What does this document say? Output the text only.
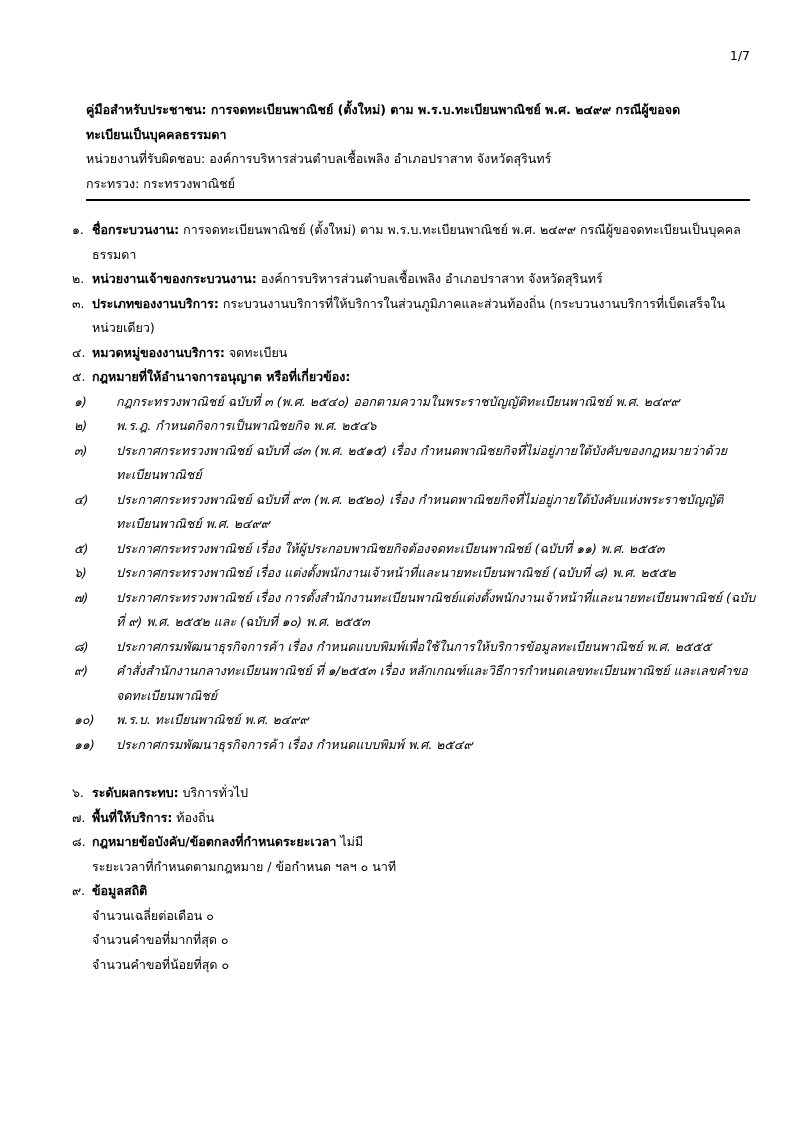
1/7
คู่มือสำหรับประชาชน: การจดทะเบียนพาณิชย์ (ตั้งใหม่) ตาม พ.ร.บ.ทะเบียนพาณิชย์ พ.ศ. ๒๔๙๙ กรณีผู้ขอจด
ทะเบียนเป็นบุคคลธรรมดา
หน่วยงานที่รับผิดชอบ: องค์การบริหารส่วนตำบลเชื้อเพลิง อำเภอปราสาท จังหวัดสุรินทร์
กระทรวง: กระทรวงพาณิชย์
๑. ชื่อกระบวนงาน: การจดทะเบียนพาณิชย์ (ตั้งใหม่) ตาม พ.ร.บ.ทะเบียนพาณิชย์ พ.ศ. ๒๔๙๙ กรณีผู้ขอจดทะเบียนเป็นบุคคลธรรมดา
๒. หน่วยงานเจ้าของกระบวนงาน: องค์การบริหารส่วนตำบลเชื้อเพลิง อำเภอปราสาท จังหวัดสุรินทร์
๓. ประเภทของงานบริการ: กระบวนงานบริการที่ให้บริการในส่วนภูมิภาคและส่วนท้องถิ่น (กระบวนงานบริการที่เบ็ดเสร็จในหน่วยเดียว)
๔. หมวดหมู่ของงานบริการ: จดทะเบียน
๕. กฎหมายที่ให้อำนาจการอนุญาต หรือที่เกี่ยวข้อง:
๑) กฎกระทรวงพาณิชย์ ฉบับที่ ๓ (พ.ศ. ๒๕๔๐) ออกตามความในพระราชบัญญัติทะเบียนพาณิชย์ พ.ศ. ๒๔๙๙
๒) พ.ร.ฎ. กำหนดกิจการเป็นพาณิชยกิจ พ.ศ. ๒๕๔๖
๓) ประกาศกระทรวงพาณิชย์ ฉบับที่ ๘๓ (พ.ศ. ๒๕๑๕) เรื่อง กำหนดพาณิชยกิจที่ไม่อยู่ภายใต้บังคับของกฎหมายว่าด้วยทะเบียนพาณิชย์
๔) ประกาศกระทรวงพาณิชย์ ฉบับที่ ๙๓ (พ.ศ. ๒๕๒๐) เรื่อง กำหนดพาณิชยกิจที่ไม่อยู่ภายใต้บังคับแห่งพระราชบัญญัติทะเบียนพาณิชย์ พ.ศ. ๒๔๙๙
๕) ประกาศกระทรวงพาณิชย์ เรื่อง ให้ผู้ประกอบพาณิชยกิจต้องจดทะเบียนพาณิชย์ (ฉบับที่ ๑๑) พ.ศ. ๒๕๕๓
๖) ประกาศกระทรวงพาณิชย์ เรื่อง แต่งตั้งพนักงานเจ้าหน้าที่และนายทะเบียนพาณิชย์ (ฉบับที่ ๘) พ.ศ. ๒๕๕๒
๗) ประกาศกระทรวงพาณิชย์ เรื่อง การตั้งสำนักงานทะเบียนพาณิชย์แต่งตั้งพนักงานเจ้าหน้าที่และนายทะเบียนพาณิชย์ (ฉบับที่ ๙) พ.ศ. ๒๕๕๒ และ (ฉบับที่ ๑๐) พ.ศ. ๒๕๕๓
๘) ประกาศกรมพัฒนาธุรกิจการค้า เรื่อง กำหนดแบบพิมพ์เพื่อใช้ในการให้บริการข้อมูลทะเบียนพาณิชย์ พ.ศ. ๒๕๕๕
๙) คำสั่งสำนักงานกลางทะเบียนพาณิชย์ ที่ ๑/๒๕๕๓ เรื่อง หลักเกณฑ์และวิธีการกำหนดเลขทะเบียนพาณิชย์ และเลขคำขอจดทะเบียนพาณิชย์
๑๐) พ.ร.บ. ทะเบียนพาณิชย์ พ.ศ. ๒๔๙๙
๑๑) ประกาศกรมพัฒนาธุรกิจการค้า เรื่อง กำหนดแบบพิมพ์ พ.ศ. ๒๕๔๙
๖. ระดับผลกระทบ: บริการทั่วไป
๗. พื้นที่ให้บริการ: ท้องถิ่น
๘. กฎหมายข้อบังคับ/ข้อตกลงที่กำหนดระยะเวลา ไม่มี
ระยะเวลาที่กำหนดตามกฎหมาย / ข้อกำหนด ฯลฯ ๐ นาที
๙. ข้อมูลสถิติ
จำนวนเฉลี่ยต่อเดือน ๐
จำนวนคำขอที่มากที่สุด ๐
จำนวนคำขอที่น้อยที่สุด ๐
